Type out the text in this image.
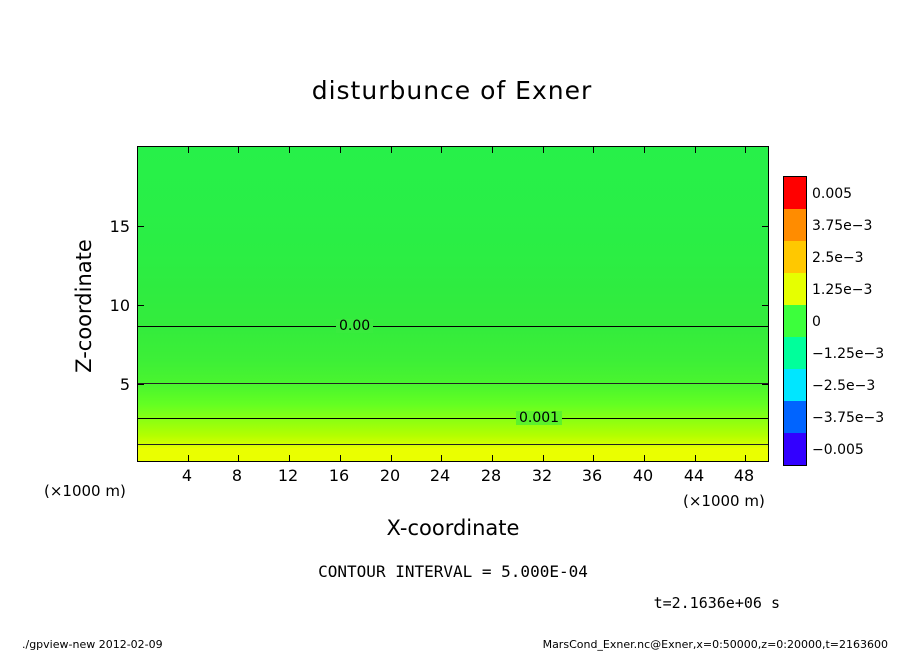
disturbunce of Exner
0.00
0.001
4	8	12	16	20	24	28	32	36	40	44	48
5
10
15
(×1000 m)
(×1000 m)
X-coordinate
Z-coordinate
CONTOUR INTERVAL = 5.000E-04
t=2.1636e+06 s
./gpview-new 2012-02-09	MarsCond_Exner.nc@Exner,x=0:50000,z=0:20000,t=2163600
0.005
3.75e−3
2.5e−3
1.25e−3
0
−1.25e−3
−2.5e−3
−3.75e−3
−0.005
